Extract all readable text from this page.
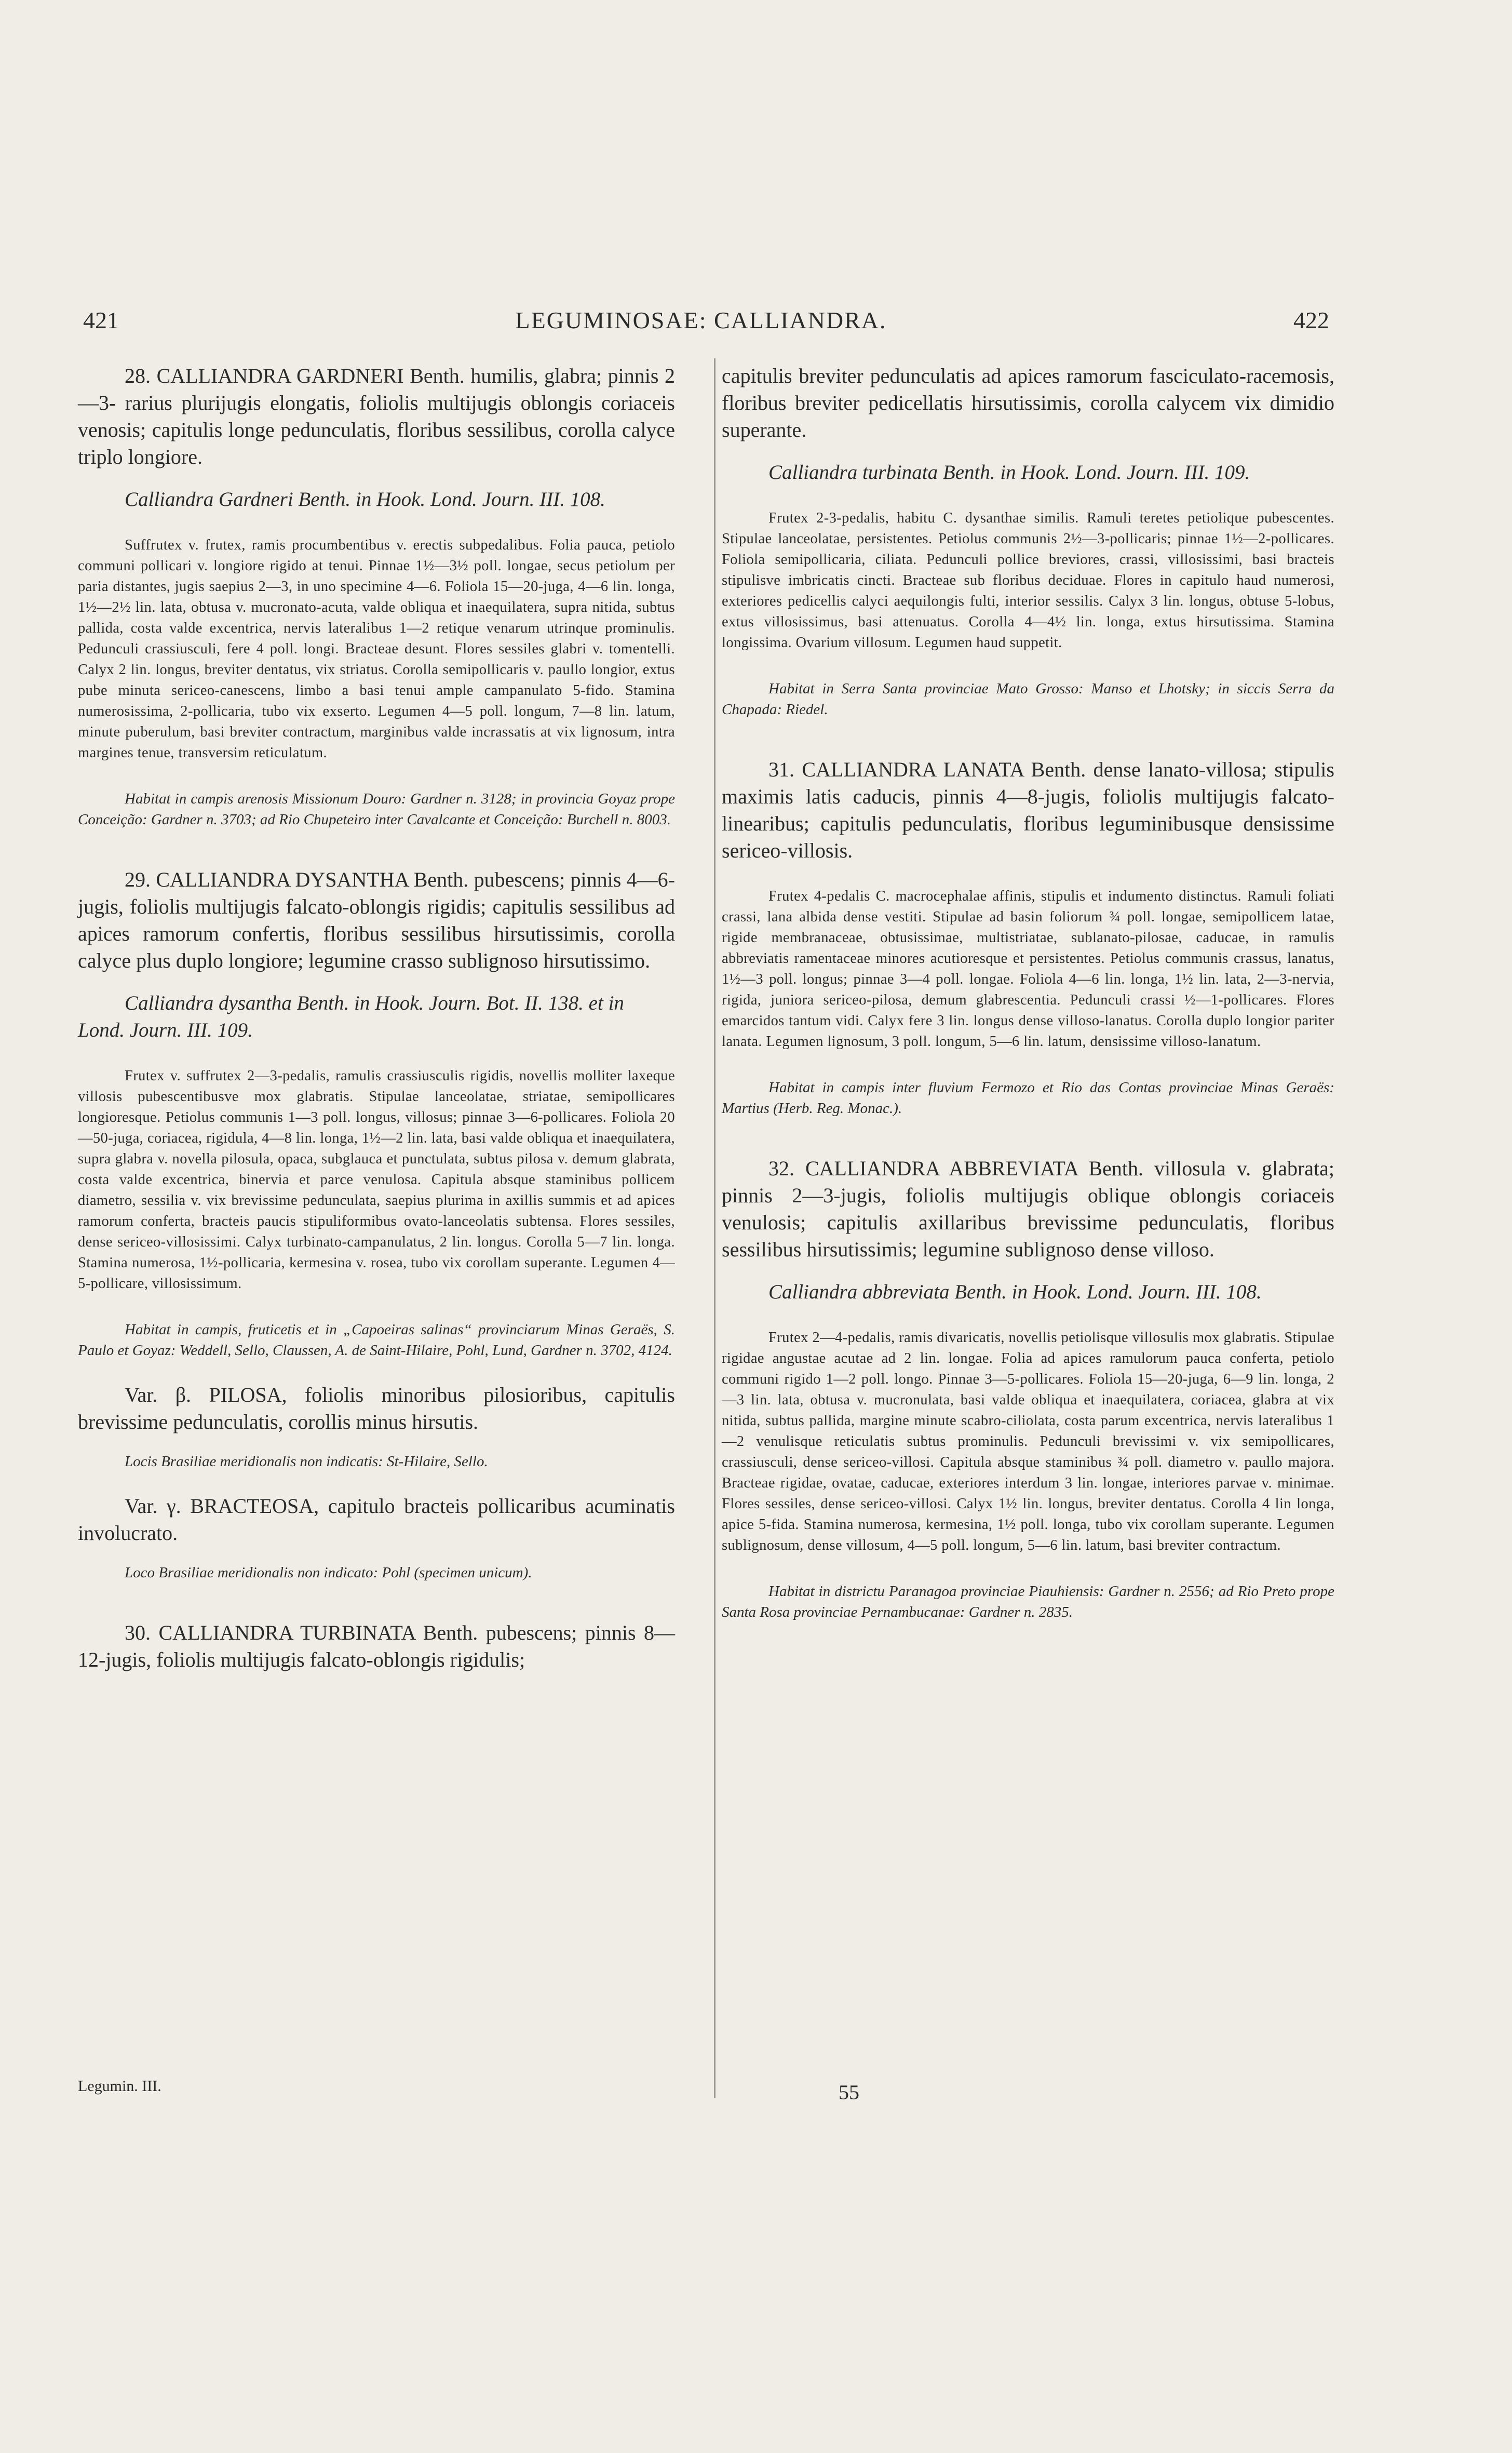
421	LEGUMINOSAE: CALLIANDRA.	422

28. CALLIANDRA GARDNERI Benth. humilis, glabra; pinnis 2—3- rarius plurijugis elongatis, foliolis multijugis oblongis coriaceis venosis; capitulis longe pedunculatis, floribus sessilibus, corolla calyce triplo longiore.

Calliandra Gardneri Benth. in Hook. Lond. Journ. III. 108.

Suffrutex v. frutex, ramis procumbentibus v. erectis subpedalibus. Folia pauca, petiolo communi pollicari v. longiore rigido at tenui. Pinnae 1½—3½ poll. longae, secus petiolum per paria distantes, jugis saepius 2—3, in uno specimine 4—6. Foliola 15—20-juga, 4—6 lin. longa, 1½—2½ lin. lata, obtusa v. mucronato-acuta, valde obliqua et inaequilatera, supra nitida, subtus pallida, costa valde excentrica, nervis lateralibus 1—2 retique venarum utrinque prominulis. Pedunculi crassiusculi, fere 4 poll. longi. Bracteae desunt. Flores sessiles glabri v. tomentelli. Calyx 2 lin. longus, breviter dentatus, vix striatus. Corolla semipollicaris v. paullo longior, extus pube minuta sericeo-canescens, limbo a basi tenui ample campanulato 5-fido. Stamina numerosissima, 2-pollicaria, tubo vix exserto. Legumen 4—5 poll. longum, 7—8 lin. latum, minute puberulum, basi breviter contractum, marginibus valde incrassatis at vix lignosum, intra margines tenue, transversim reticulatum.

Habitat in campis arenosis Missionum Douro: Gardner n. 3128; in provincia Goyaz prope Conceição: Gardner n. 3703; ad Rio Chupeteiro inter Cavalcante et Conceição: Burchell n. 8003.

29. CALLIANDRA DYSANTHA Benth. pubescens; pinnis 4—6-jugis, foliolis multijugis falcato-oblongis rigidis; capitulis sessilibus ad apices ramorum confertis, floribus sessilibus hirsutissimis, corolla calyce plus duplo longiore; legumine crasso sublignoso hirsutissimo.

Calliandra dysantha Benth. in Hook. Journ. Bot. II. 138. et in Lond. Journ. III. 109.

Frutex v. suffrutex 2—3-pedalis, ramulis crassiusculis rigidis, novellis molliter laxeque villosis pubescentibusve mox glabratis. Stipulae lanceolatae, striatae, semipollicares longioresque. Petiolus communis 1—3 poll. longus, villosus; pinnae 3—6-pollicares. Foliola 20—50-juga, coriacea, rigidula, 4—8 lin. longa, 1½—2 lin. lata, basi valde obliqua et inaequilatera, supra glabra v. novella pilosula, opaca, subglauca et punctulata, subtus pilosa v. demum glabrata, costa valde excentrica, binervia et parce venulosa. Capitula absque staminibus pollicem diametro, sessilia v. vix brevissime pedunculata, saepius plurima in axillis summis et ad apices ramorum conferta, bracteis paucis stipuliformibus ovato-lanceolatis subtensa. Flores sessiles, dense sericeo-villosissimi. Calyx turbinato-campanulatus, 2 lin. longus. Corolla 5—7 lin. longa. Stamina numerosa, 1½-pollicaria, kermesina v. rosea, tubo vix corollam superante. Legumen 4—5-pollicare, villosissimum.

Habitat in campis, fruticetis et in „Capoeiras salinas“ provinciarum Minas Geraës, S. Paulo et Goyaz: Weddell, Sello, Claussen, A. de Saint-Hilaire, Pohl, Lund, Gardner n. 3702, 4124.

Var. β. PILOSA, foliolis minoribus pilosioribus, capitulis brevissime pedunculatis, corollis minus hirsutis.

Locis Brasiliae meridionalis non indicatis: St-Hilaire, Sello.

Var. γ. BRACTEOSA, capitulo bracteis pollicaribus acuminatis involucrato.

Loco Brasiliae meridionalis non indicato: Pohl (specimen unicum).

30. CALLIANDRA TURBINATA Benth. pubescens; pinnis 8—12-jugis, foliolis multijugis falcato-oblongis rigidulis;

capitulis breviter pedunculatis ad apices ramorum fasciculato-racemosis, floribus breviter pedicellatis hirsutissimis, corolla calycem vix dimidio superante.

Calliandra turbinata Benth. in Hook. Lond. Journ. III. 109.

Frutex 2-3-pedalis, habitu C. dysanthae similis. Ramuli teretes petiolique pubescentes. Stipulae lanceolatae, persistentes. Petiolus communis 2½—3-pollicaris; pinnae 1½—2-pollicares. Foliola semipollicaria, ciliata. Pedunculi pollice breviores, crassi, villosissimi, basi bracteis stipulisve imbricatis cincti. Bracteae sub floribus deciduae. Flores in capitulo haud numerosi, exteriores pedicellis calyci aequilongis fulti, interior sessilis. Calyx 3 lin. longus, obtuse 5-lobus, extus villosissimus, basi attenuatus. Corolla 4—4½ lin. longa, extus hirsutissima. Stamina longissima. Ovarium villosum. Legumen haud suppetit.

Habitat in Serra Santa provinciae Mato Grosso: Manso et Lhotsky; in siccis Serra da Chapada: Riedel.

31. CALLIANDRA LANATA Benth. dense lanato-villosa; stipulis maximis latis caducis, pinnis 4—8-jugis, foliolis multijugis falcato-linearibus; capitulis pedunculatis, floribus leguminibusque densissime sericeo-villosis.

Frutex 4-pedalis C. macrocephalae affinis, stipulis et indumento distinctus. Ramuli foliati crassi, lana albida dense vestiti. Stipulae ad basin foliorum ¾ poll. longae, semipollicem latae, rigide membranaceae, obtusissimae, multistriatae, sublanato-pilosae, caducae, in ramulis abbreviatis ramentaceae minores acutioresque et persistentes. Petiolus communis crassus, lanatus, 1½—3 poll. longus; pinnae 3—4 poll. longae. Foliola 4—6 lin. longa, 1½ lin. lata, 2—3-nervia, rigida, juniora sericeo-pilosa, demum glabrescentia. Pedunculi crassi ½—1-pollicares. Flores emarcidos tantum vidi. Calyx fere 3 lin. longus dense villoso-lanatus. Corolla duplo longior pariter lanata. Legumen lignosum, 3 poll. longum, 5—6 lin. latum, densissime villoso-lanatum.

Habitat in campis inter fluvium Fermozo et Rio das Contas provinciae Minas Geraës: Martius (Herb. Reg. Monac.).

32. CALLIANDRA ABBREVIATA Benth. villosula v. glabrata; pinnis 2—3-jugis, foliolis multijugis oblique oblongis coriaceis venulosis; capitulis axillaribus brevissime pedunculatis, floribus sessilibus hirsutissimis; legumine sublignoso dense villoso.

Calliandra abbreviata Benth. in Hook. Lond. Journ. III. 108.

Frutex 2—4-pedalis, ramis divaricatis, novellis petiolisque villosulis mox glabratis. Stipulae rigidae angustae acutae ad 2 lin. longae. Folia ad apices ramulorum pauca conferta, petiolo communi rigido 1—2 poll. longo. Pinnae 3—5-pollicares. Foliola 15—20-juga, 6—9 lin. longa, 2—3 lin. lata, obtusa v. mucronulata, basi valde obliqua et inaequilatera, coriacea, glabra at vix nitida, subtus pallida, margine minute scabro-ciliolata, costa parum excentrica, nervis lateralibus 1—2 venulisque reticulatis subtus prominulis. Pedunculi brevissimi v. vix semipollicares, crassiusculi, dense sericeo-villosi. Capitula absque staminibus ¾ poll. diametro v. paullo majora. Bracteae rigidae, ovatae, caducae, exteriores interdum 3 lin. longae, interiores parvae v. minimae. Flores sessiles, dense sericeo-villosi. Calyx 1½ lin. longus, breviter dentatus. Corolla 4 lin longa, apice 5-fida. Stamina numerosa, kermesina, 1½ poll. longa, tubo vix corollam superante. Legumen sublignosum, dense villosum, 4—5 poll. longum, 5—6 lin. latum, basi breviter contractum.

Habitat in districtu Paranagoa provinciae Piauhiensis: Gardner n. 2556; ad Rio Preto prope Santa Rosa provinciae Pernambucanae: Gardner n. 2835.

Legumin. III.	55
